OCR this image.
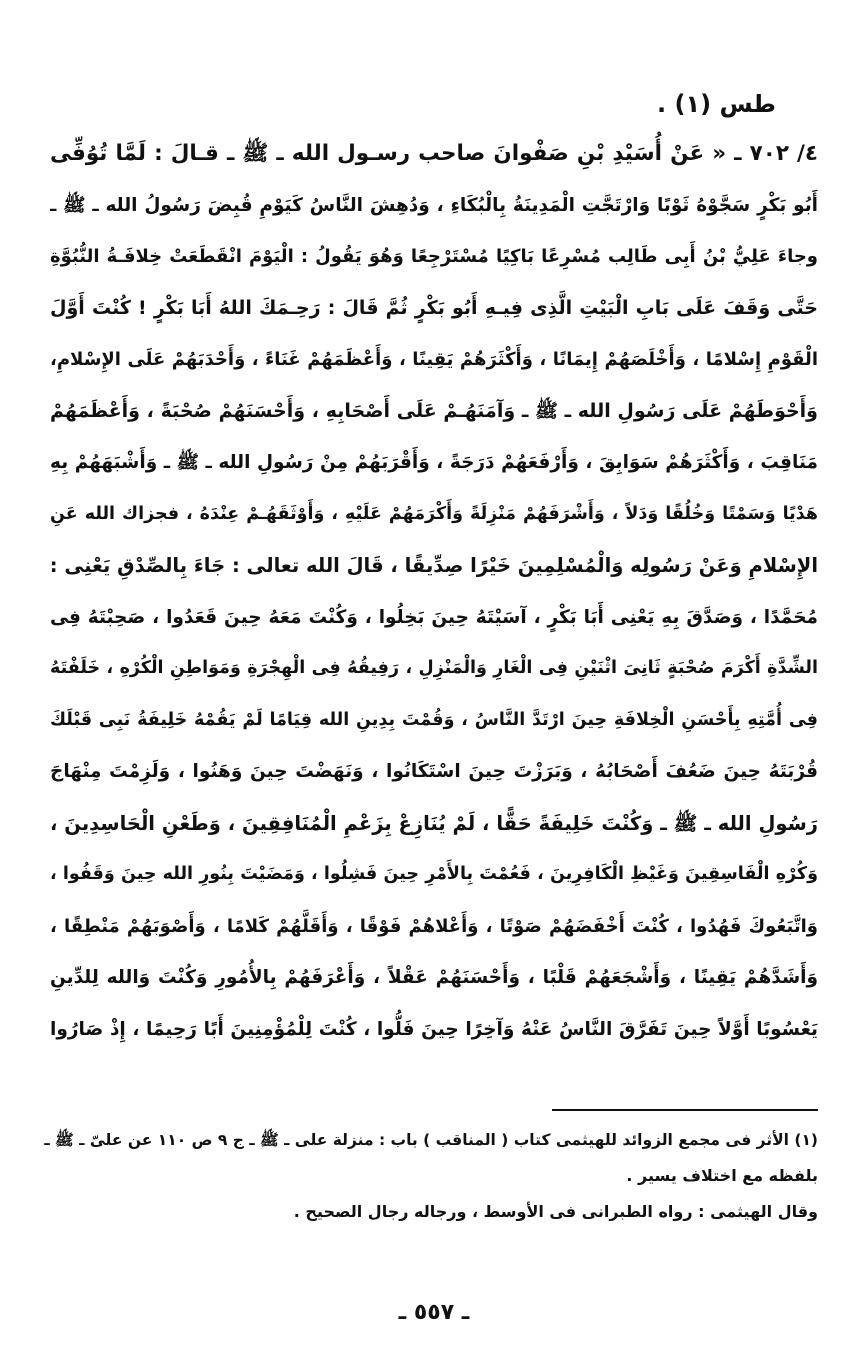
طس (١) .
٤/ ٧٠٢ ـ « عَنْ أُسَيْدِ بْنِ صَفْوانَ صاحب رسـول الله ـ ﷺ ـ قـالَ : لَمَّا تُوُفِّى
أَبُو بَكْرٍ سَجَّوْهُ ثَوْبًا وَارْتَجَّتِ الْمَدِينَةُ بِالْبُكَاءِ ، وَدُهِشَ النَّاسُ كَيَوْمِ قُبِضَ رَسُولُ الله ـ ﷺ ـ
وجاءَ عَلِيُّ بْنُ أَبِى طَالِب مُسْرِعًا بَاكِيًا مُسْتَرْجِعًا وَهُوَ يَقُولُ : الْيَوْمَ انْقَطَعَتْ خِلافَـةُ النُّبُوَّةِ
حَتَّى وَقَفَ عَلَى بَابِ الْبَيْتِ الَّذِى فِيـهِ أَبُو بَكْرٍ ثُمَّ قَالَ : رَحِـمَكَ اللهُ أَبَا بَكْرٍ ! كُنْتَ أَوَّلَ
الْقَوْمِ إِسْلامًا ، وَأَخْلَصَهُمْ إِيمَانًا ، وَأَكْثَرَهُمْ يَقِينًا ، وَأَعْظَمَهُمْ غَنَاءً ، وَأَحْدَبَهُمْ عَلَى الإِسْلامِ،
وَأَحْوَطَهُمْ عَلَى رَسُولِ الله ـ ﷺ ـ وَآمَنَهُـمْ عَلَى أَصْحَابِهِ ، وَأَحْسَنَهُمْ صُحْبَةً ، وَأَعْظَمَهُمْ
مَنَاقِبَ ، وَأَكْثَرَهُمْ سَوَابِقَ ، وَأَرْفَعَهُمْ دَرَجَةً ، وَأَقْرَبَهُمْ مِنْ رَسُولِ الله ـ ﷺ ـ وَأَشْبَهَهُمْ بِهِ
هَدْيًا وَسَمْتًا وَخُلُقًا وَدَلاً ، وَأَشْرَفَهُمْ مَنْزِلَةً وَأَكْرَمَهُمْ عَلَيْهِ ، وَأَوْثَقَهُـمْ عِنْدَهُ ، فجزاك الله عَنِ
الإِسْلامِ وَعَنْ رَسُولِه وَالْمُسْلِمِينَ خَيْرًا صِدِّيقًا ، قَالَ الله تعالى : جَاءَ بِالصِّدْقِ يَعْنِى :
مُحَمَّدًا ، وَصَدَّقَ بِهِ يَعْنِى أَبَا بَكْرٍ ، آسَيْتَهُ حِينَ بَخِلُوا ، وَكُنْتَ مَعَهُ حِينَ قَعَدُوا ، صَحِبْتَهُ فِى
الشِّدَّةِ أَكْرَمَ صُحْبَةٍ ثَانِىَ اثْنَيْنِ فِى الْغَارِ وَالْمَنْزِلِ ، رَفِيقُهُ فِى الْهِجْرَةِ وَمَوَاطِنِ الْكُرْهِ ، خَلَفْتَهُ
فِى أُمَّتِهِ بِأَحْسَنِ الْخِلافَةِ حِينَ ارْتَدَّ النَّاسُ ، وَقُمْتَ بِدِينِ الله قِيَامًا لَمْ يَقُمْهُ خَلِيفَةُ نَبِى قَبْلَكَ
قُرْبَتَهُ حِينَ ضَعُفَ أَصْحَابُهُ ، وَبَرَزْتَ حِينَ اسْتَكَانُوا ، وَنَهَضْتَ حِينَ وَهَنُوا ، وَلَزِمْتَ مِنْهَاجَ
رَسُولِ الله ـ ﷺ ـ وَكُنْتَ خَلِيفَةً حَقًّا ، لَمْ يُنَازِعْ بِزَعْمِ الْمُنَافِقِينَ ، وَطَعْنِ الْحَاسِدِينَ ،
وَكُرْهِ الْفَاسِقِينَ وَغَيْظِ الْكَافِرِينَ ، فَعُمْتَ بِالأَمْرِ حِينَ فَشِلُوا ، وَمَضَيْتَ بِنُورِ الله حِينَ وَقَفُوا ،
وَاتَّبَعُوكَ فَهُدُوا ، كُنْتَ أَخْفَضَهُمْ صَوْتًا ، وَأَعْلاهُمْ فَوْقًا ، وَأَقَلَّهُمْ كَلامًا ، وَأَصْوَبَهُمْ مَنْطِقًا ،
وَأَشَدَّهُمْ يَقِينًا ، وَأَشْجَعَهُمْ قَلْبًا ، وَأَحْسَنَهُمْ عَقْلاً ، وَأَعْرَفَهُمْ بِالأُمُورِ وَكُنْتَ وَالله لِلدِّينِ
يَعْسُوبًا أَوَّلاً حِينَ تَفَرَّقَ النَّاسُ عَنْهُ وَآخِرًا حِينَ فَلُّوا ، كُنْتَ لِلْمُؤْمِنِينَ أَبًا رَحِيمًا ، إِذْ صَارُوا
(١) الأثر فى مجمع الزوائد للهيثمى كتاب ( المناقب ) باب : منزلة على ـ ﷺ ـ ج ٩ ص ١١٠ عن علىّ ـ ﷺ ـ
بلفظه مع اختلاف يسير .
وقال الهيثمى : رواه الطبرانى فى الأوسط ، ورجاله رجال الصحيح .
ـ ٥٥٧ ـ
